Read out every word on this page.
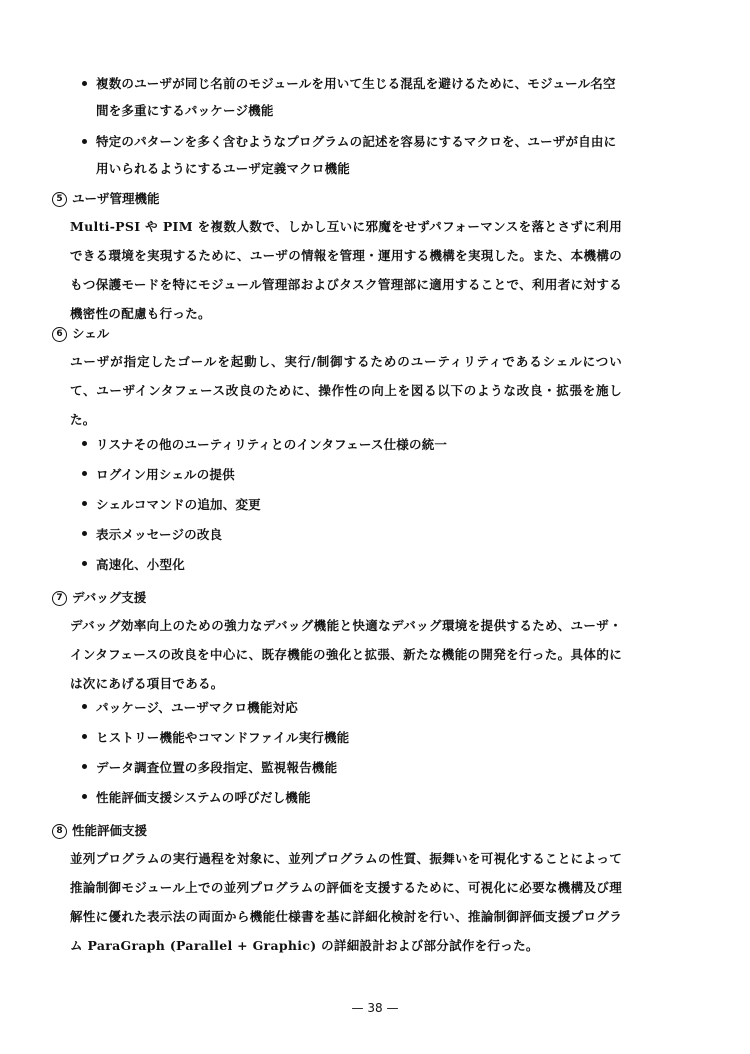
複数のユーザが同じ名前のモジュールを用いて生じる混乱を避けるために、モジュール名空間を多重にするパッケージ機能
特定のパターンを多く含むようなプログラムの記述を容易にするマクロを、ユーザが自由に用いられるようにするユーザ定義マクロ機能
5 ユーザ管理機能
Multi-PSI や PIM を複数人数で、しかし互いに邪魔をせずパフォーマンスを落とさずに利用できる環境を実現するために、ユーザの情報を管理・運用する機構を実現した。また、本機構のもつ保護モードを特にモジュール管理部およびタスク管理部に適用することで、利用者に対する機密性の配慮も行った。
6 シェル
ユーザが指定したゴールを起動し、実行/制御するためのユーティリティであるシェルについて、ユーザインタフェース改良のために、操作性の向上を図る以下のような改良・拡張を施した。
リスナその他のユーティリティとのインタフェース仕様の統一
ログイン用シェルの提供
シェルコマンドの追加、変更
表示メッセージの改良
高速化、小型化
7 デバッグ支援
デバッグ効率向上のための強力なデバッグ機能と快適なデバッグ環境を提供するため、ユーザ・インタフェースの改良を中心に、既存機能の強化と拡張、新たな機能の開発を行った。具体的には次にあげる項目である。
パッケージ、ユーザマクロ機能対応
ヒストリー機能やコマンドファイル実行機能
データ調査位置の多段指定、監視報告機能
性能評価支援システムの呼びだし機能
8 性能評価支援
並列プログラムの実行過程を対象に、並列プログラムの性質、振舞いを可視化することによって推論制御モジュール上での並列プログラムの評価を支援するために、可視化に必要な機構及び理解性に優れた表示法の両面から機能仕様書を基に詳細化検討を行い、推論制御評価支援プログラム ParaGraph (Parallel + Graphic) の詳細設計および部分試作を行った。
— 38 —
